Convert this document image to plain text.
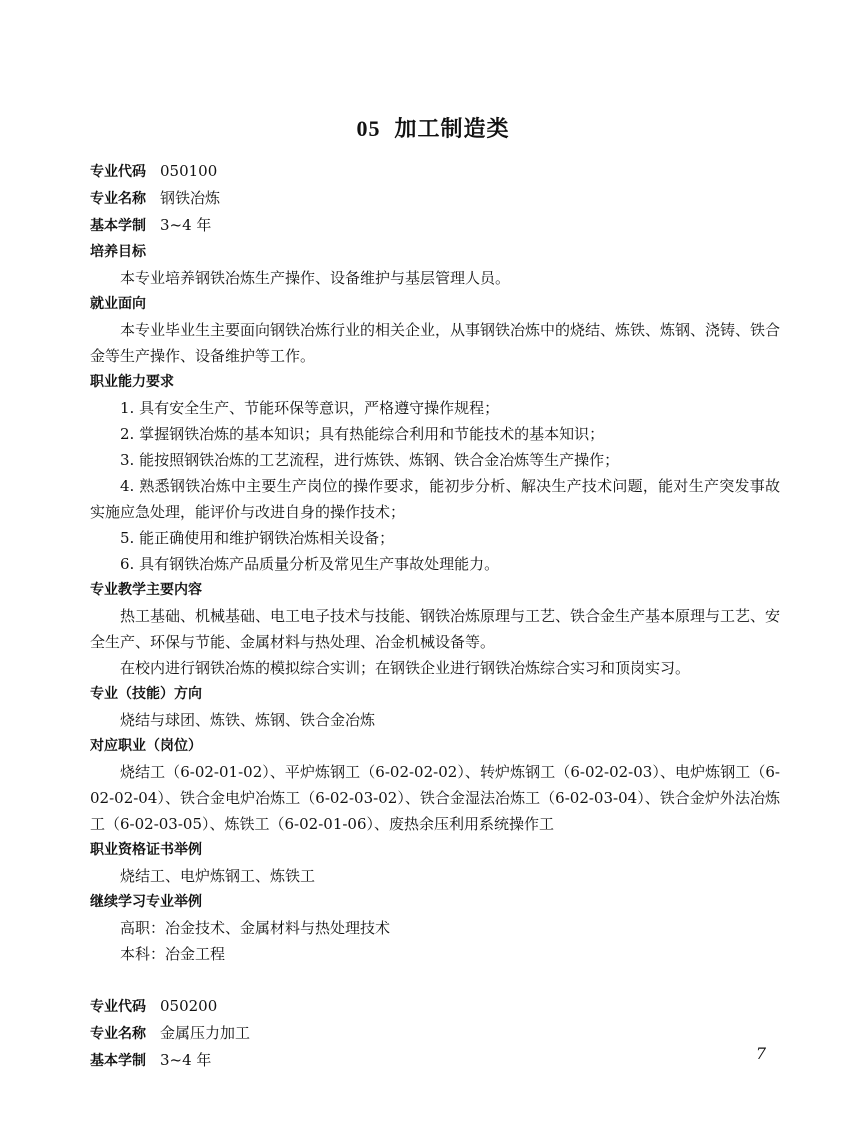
05 加工制造类
专业代码 050100
专业名称 钢铁冶炼
基本学制 3~4 年
培养目标
本专业培养钢铁冶炼生产操作、设备维护与基层管理人员。
就业面向
本专业毕业生主要面向钢铁冶炼行业的相关企业，从事钢铁冶炼中的烧结、炼铁、炼钢、浇铸、铁合金等生产操作、设备维护等工作。
职业能力要求
1. 具有安全生产、节能环保等意识，严格遵守操作规程；
2. 掌握钢铁冶炼的基本知识；具有热能综合利用和节能技术的基本知识；
3. 能按照钢铁冶炼的工艺流程，进行炼铁、炼钢、铁合金冶炼等生产操作；
4. 熟悉钢铁冶炼中主要生产岗位的操作要求，能初步分析、解决生产技术问题，能对生产突发事故实施应急处理，能评价与改进自身的操作技术；
5. 能正确使用和维护钢铁冶炼相关设备；
6. 具有钢铁冶炼产品质量分析及常见生产事故处理能力。
专业教学主要内容
热工基础、机械基础、电工电子技术与技能、钢铁冶炼原理与工艺、铁合金生产基本原理与工艺、安全生产、环保与节能、金属材料与热处理、冶金机械设备等。
在校内进行钢铁冶炼的模拟综合实训；在钢铁企业进行钢铁冶炼综合实习和顶岗实习。
专业（技能）方向
烧结与球团、炼铁、炼钢、铁合金冶炼
对应职业（岗位）
烧结工（6-02-01-02）、平炉炼钢工（6-02-02-02）、转炉炼钢工（6-02-02-03）、电炉炼钢工（6-02-02-04）、铁合金电炉冶炼工（6-02-03-02）、铁合金湿法冶炼工（6-02-03-04）、铁合金炉外法冶炼工（6-02-03-05）、炼铁工（6-02-01-06）、废热余压利用系统操作工
职业资格证书举例
烧结工、电炉炼钢工、炼铁工
继续学习专业举例
高职：冶金技术、金属材料与热处理技术
本科：冶金工程
专业代码 050200
专业名称 金属压力加工
基本学制 3~4 年	7
